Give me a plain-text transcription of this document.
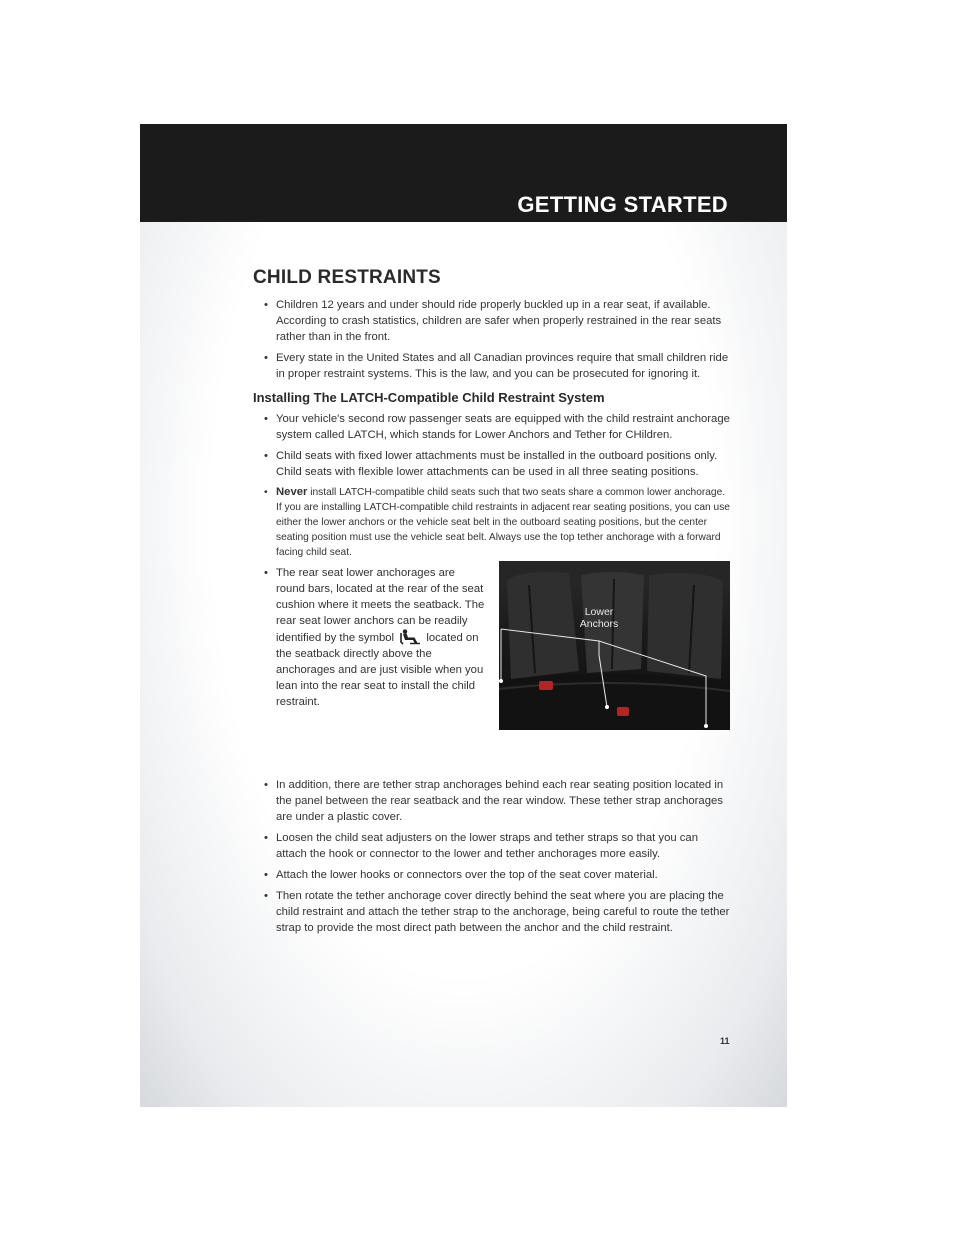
GETTING STARTED
CHILD RESTRAINTS
• Children 12 years and under should ride properly buckled up in a rear seat, if available. According to crash statistics, children are safer when properly restrained in the rear seats rather than in the front.
• Every state in the United States and all Canadian provinces require that small children ride in proper restraint systems. This is the law, and you can be prosecuted for ignoring it.
Installing The LATCH-Compatible Child Restraint System
• Your vehicle's second row passenger seats are equipped with the child restraint anchorage system called LATCH, which stands for Lower Anchors and Tether for CHildren.
• Child seats with fixed lower attachments must be installed in the outboard positions only. Child seats with flexible lower attachments can be used in all three seating positions.
• Never install LATCH-compatible child seats such that two seats share a common lower anchorage. If you are installing LATCH-compatible child restraints in adjacent rear seating positions, you can use either the lower anchors or the vehicle seat belt in the outboard seating positions, but the center seating position must use the vehicle seat belt. Always use the top tether anchorage with a forward facing child seat.
• The rear seat lower anchorages are round bars, located at the rear of the seat cushion where it meets the seatback. The rear seat lower anchors can be readily identified by the symbol  located on the seatback directly above the anchorages and are just visible when you lean into the rear seat to install the child restraint.
Lower
Anchors
• In addition, there are tether strap anchorages behind each rear seating position located in the panel between the rear seatback and the rear window. These tether strap anchorages are under a plastic cover.
• Loosen the child seat adjusters on the lower straps and tether straps so that you can attach the hook or connector to the lower and tether anchorages more easily.
• Attach the lower hooks or connectors over the top of the seat cover material.
• Then rotate the tether anchorage cover directly behind the seat where you are placing the child restraint and attach the tether strap to the anchorage, being careful to route the tether strap to provide the most direct path between the anchor and the child restraint.
11
